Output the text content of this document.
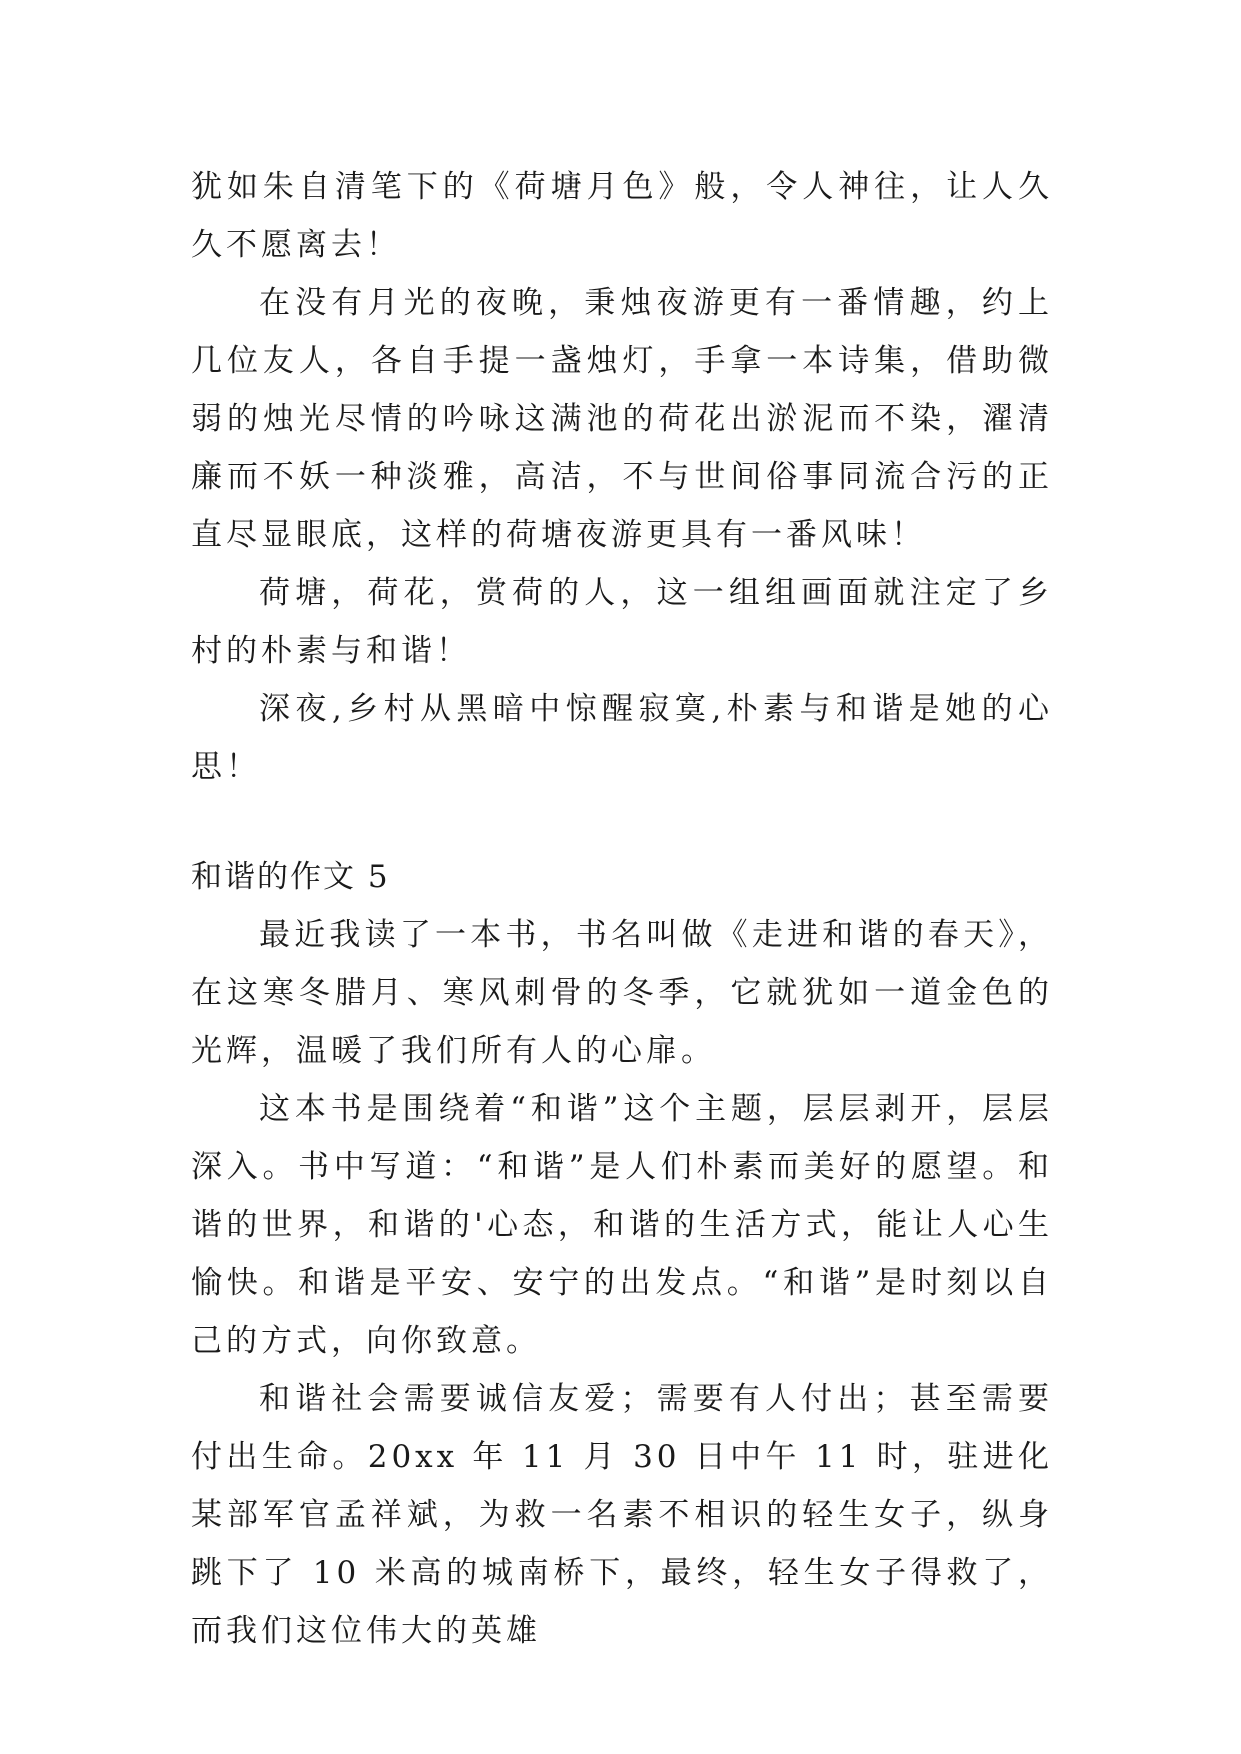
犹如朱自清笔下的《荷塘月色》般，令人神往，让人久久不愿离去！

在没有月光的夜晚，秉烛夜游更有一番情趣，约上几位友人，各自手提一盏烛灯，手拿一本诗集，借助微弱的烛光尽情的吟咏这满池的荷花出淤泥而不染，濯清廉而不妖一种淡雅，高洁，不与世间俗事同流合污的正直尽显眼底，这样的荷塘夜游更具有一番风味！

荷塘，荷花，赏荷的人，这一组组画面就注定了乡村的朴素与和谐！

深夜,乡村从黑暗中惊醒寂寞,朴素与和谐是她的心思！

和谐的作文 5

最近我读了一本书，书名叫做《走进和谐的春天》，在这寒冬腊月、寒风刺骨的冬季，它就犹如一道金色的光辉，温暖了我们所有人的心扉。

这本书是围绕着“和谐”这个主题，层层剥开，层层深入。书中写道：“和谐”是人们朴素而美好的愿望。和谐的世界，和谐的'心态，和谐的生活方式，能让人心生愉快。和谐是平安、安宁的出发点。“和谐”是时刻以自己的方式，向你致意。

和谐社会需要诚信友爱；需要有人付出；甚至需要付出生命。20xx 年 11 月 30 日中午 11 时，驻进化某部军官孟祥斌，为救一名素不相识的轻生女子，纵身跳下了 10 米高的城南桥下，最终，轻生女子得救了，而我们这位伟大的英雄
